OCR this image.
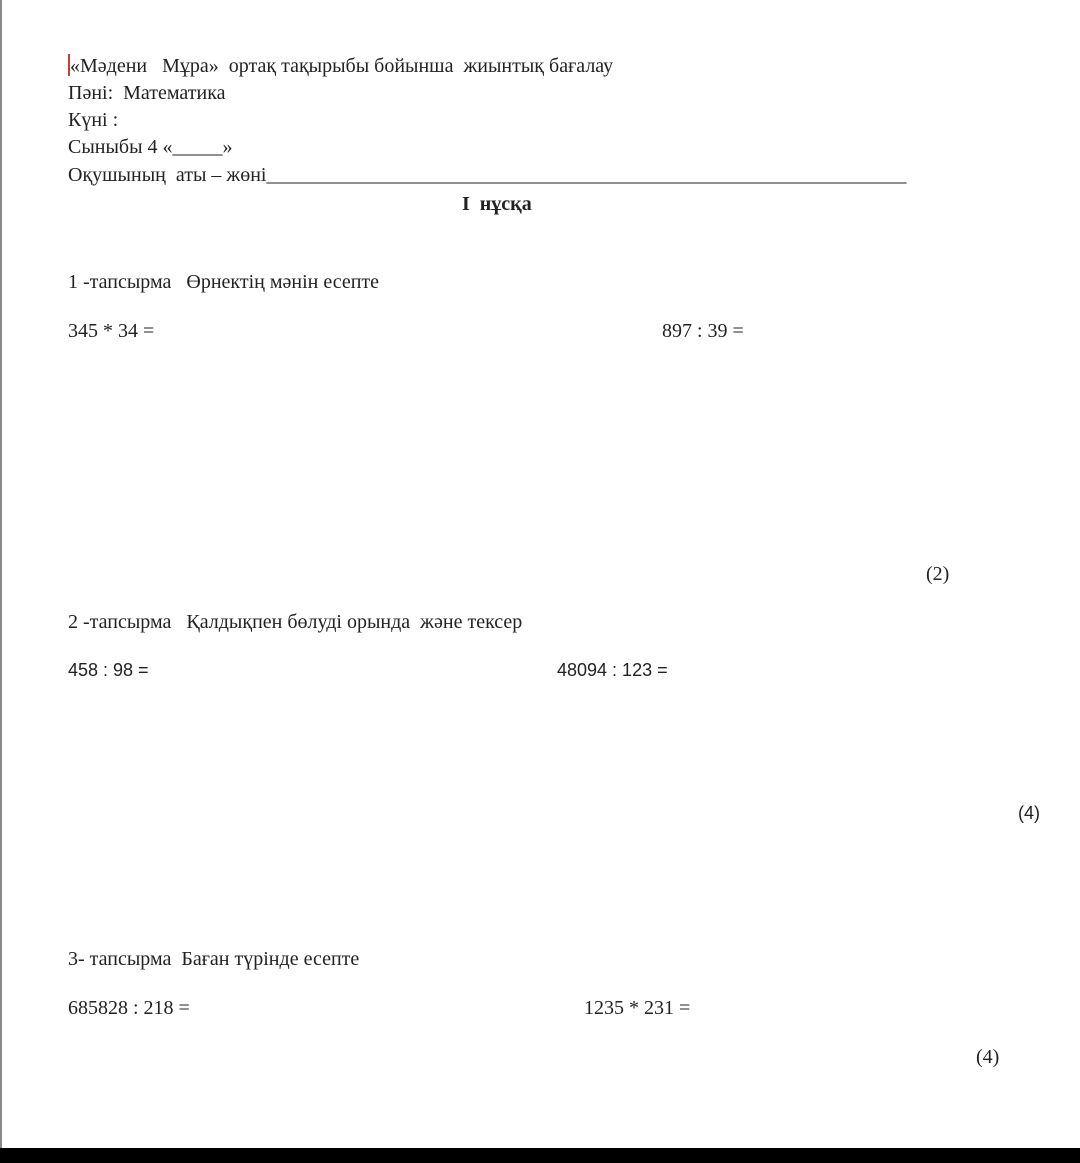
«Мәдени   Мұра»  ортақ тақырыбы бойынша  жиынтық бағалау
Пәні:  Математика
Күні :
Сыныбы 4 «_____»
Оқушының  аты – жөні________________________________________________________________
I  нұсқа
1 -тапсырма   Өрнектің мәнін есепте
345 * 34 =	897 : 39 =
(2)
2 -тапсырма   Қалдықпен бөлуді орында  және тексер
458 : 98 =	48094 : 123 =
(4)
3- тапсырма  Баған түрінде есепте
685828 : 218 =	1235 * 231 =
(4)
